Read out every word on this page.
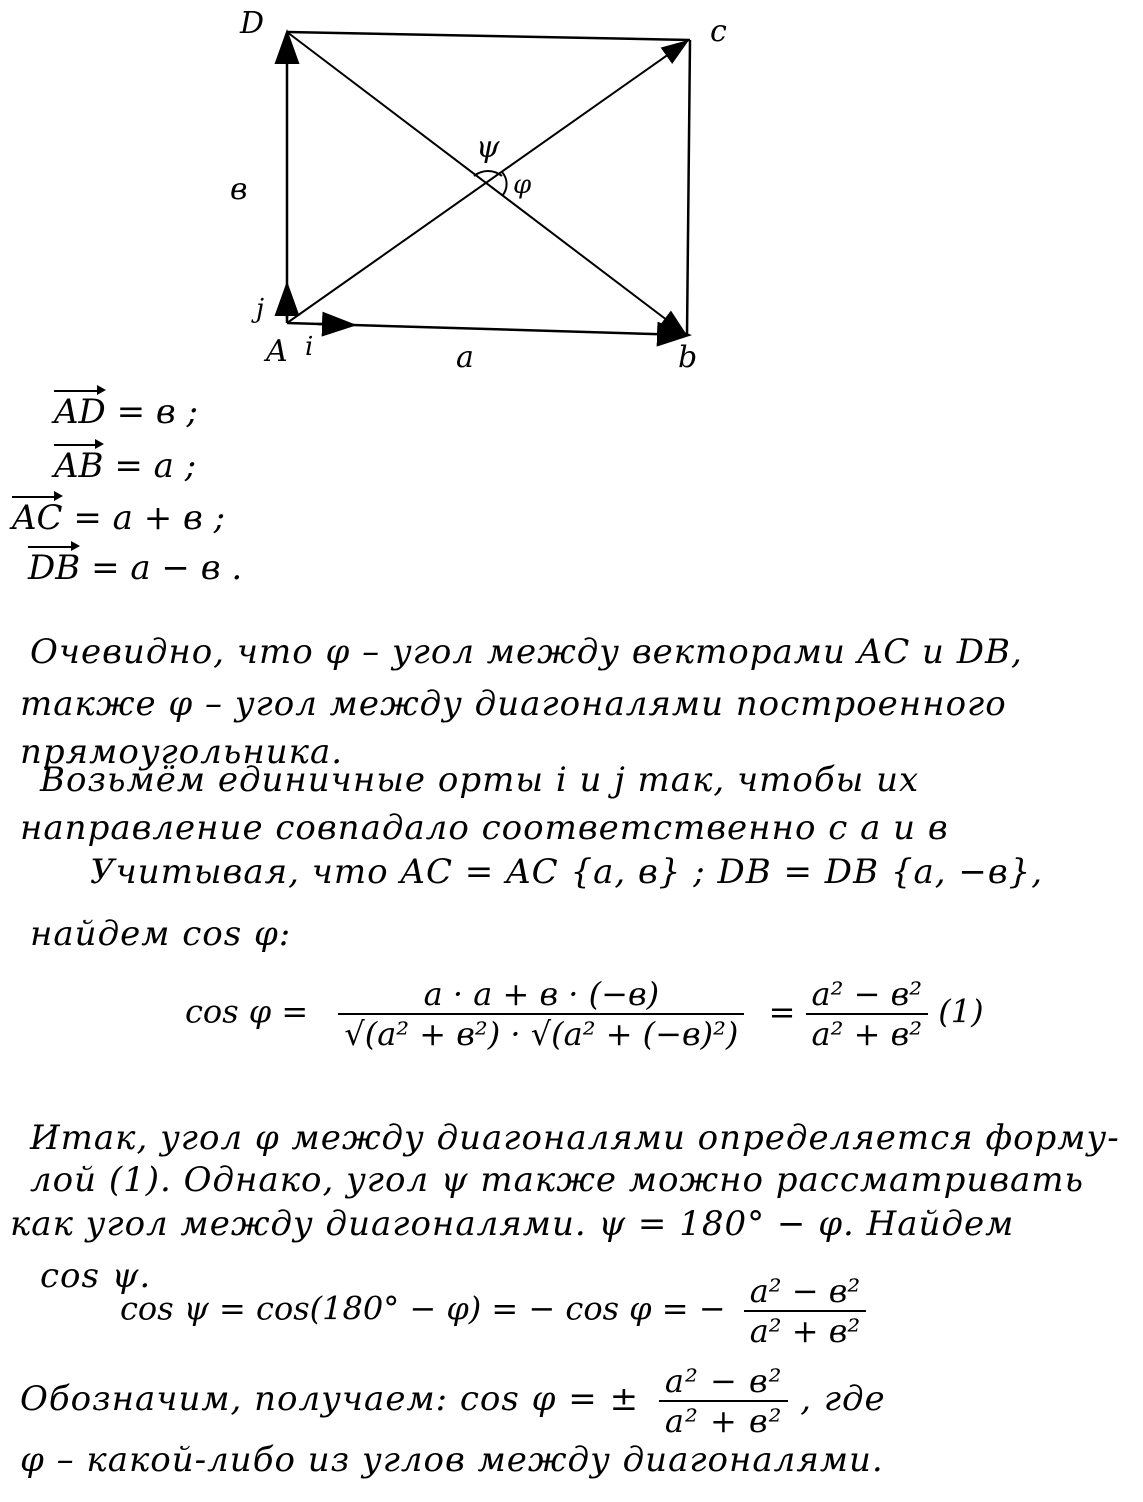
D	c
A	b
в
a
i
j
ψ
φ
AD = в ;
AB = a ;
AC = a + в ;
DB = a − в .
Очевидно, что φ – угол между векторами AC и DB,
также φ – угол между диагоналями построенного
прямоугольника.
Возьмём единичные орты i и j так, чтобы их
направление совпадало соответственно с a и в
Учитывая, что AC = AC {a, в} ; DB = DB {a, −в},
найдем cos φ:
$\cos \varphi = \frac{a \cdot a + в \cdot (-в)}{\text{√(a² + в²) · √(a² + (−в)²)}} = \frac{\text{a² − в²}}{\text{a² + в²}} (1)$
Итак, угол φ между диагоналями определяется форму-
лой (1). Однако, угол ψ также можно рассматривать
как угол между диагоналями. ψ = 180° − φ. Найдем
cos ψ.
cos ψ = cos(180° − φ) = − cos φ = − $\frac{\text{a² − в²}}{\text{a² + в²}}$
Обозначим, получаем: cos φ = ± $\frac{\text{a² − в²}}{\text{a² + в²}}$ , где
φ – какой-либо из углов между диагоналями.
